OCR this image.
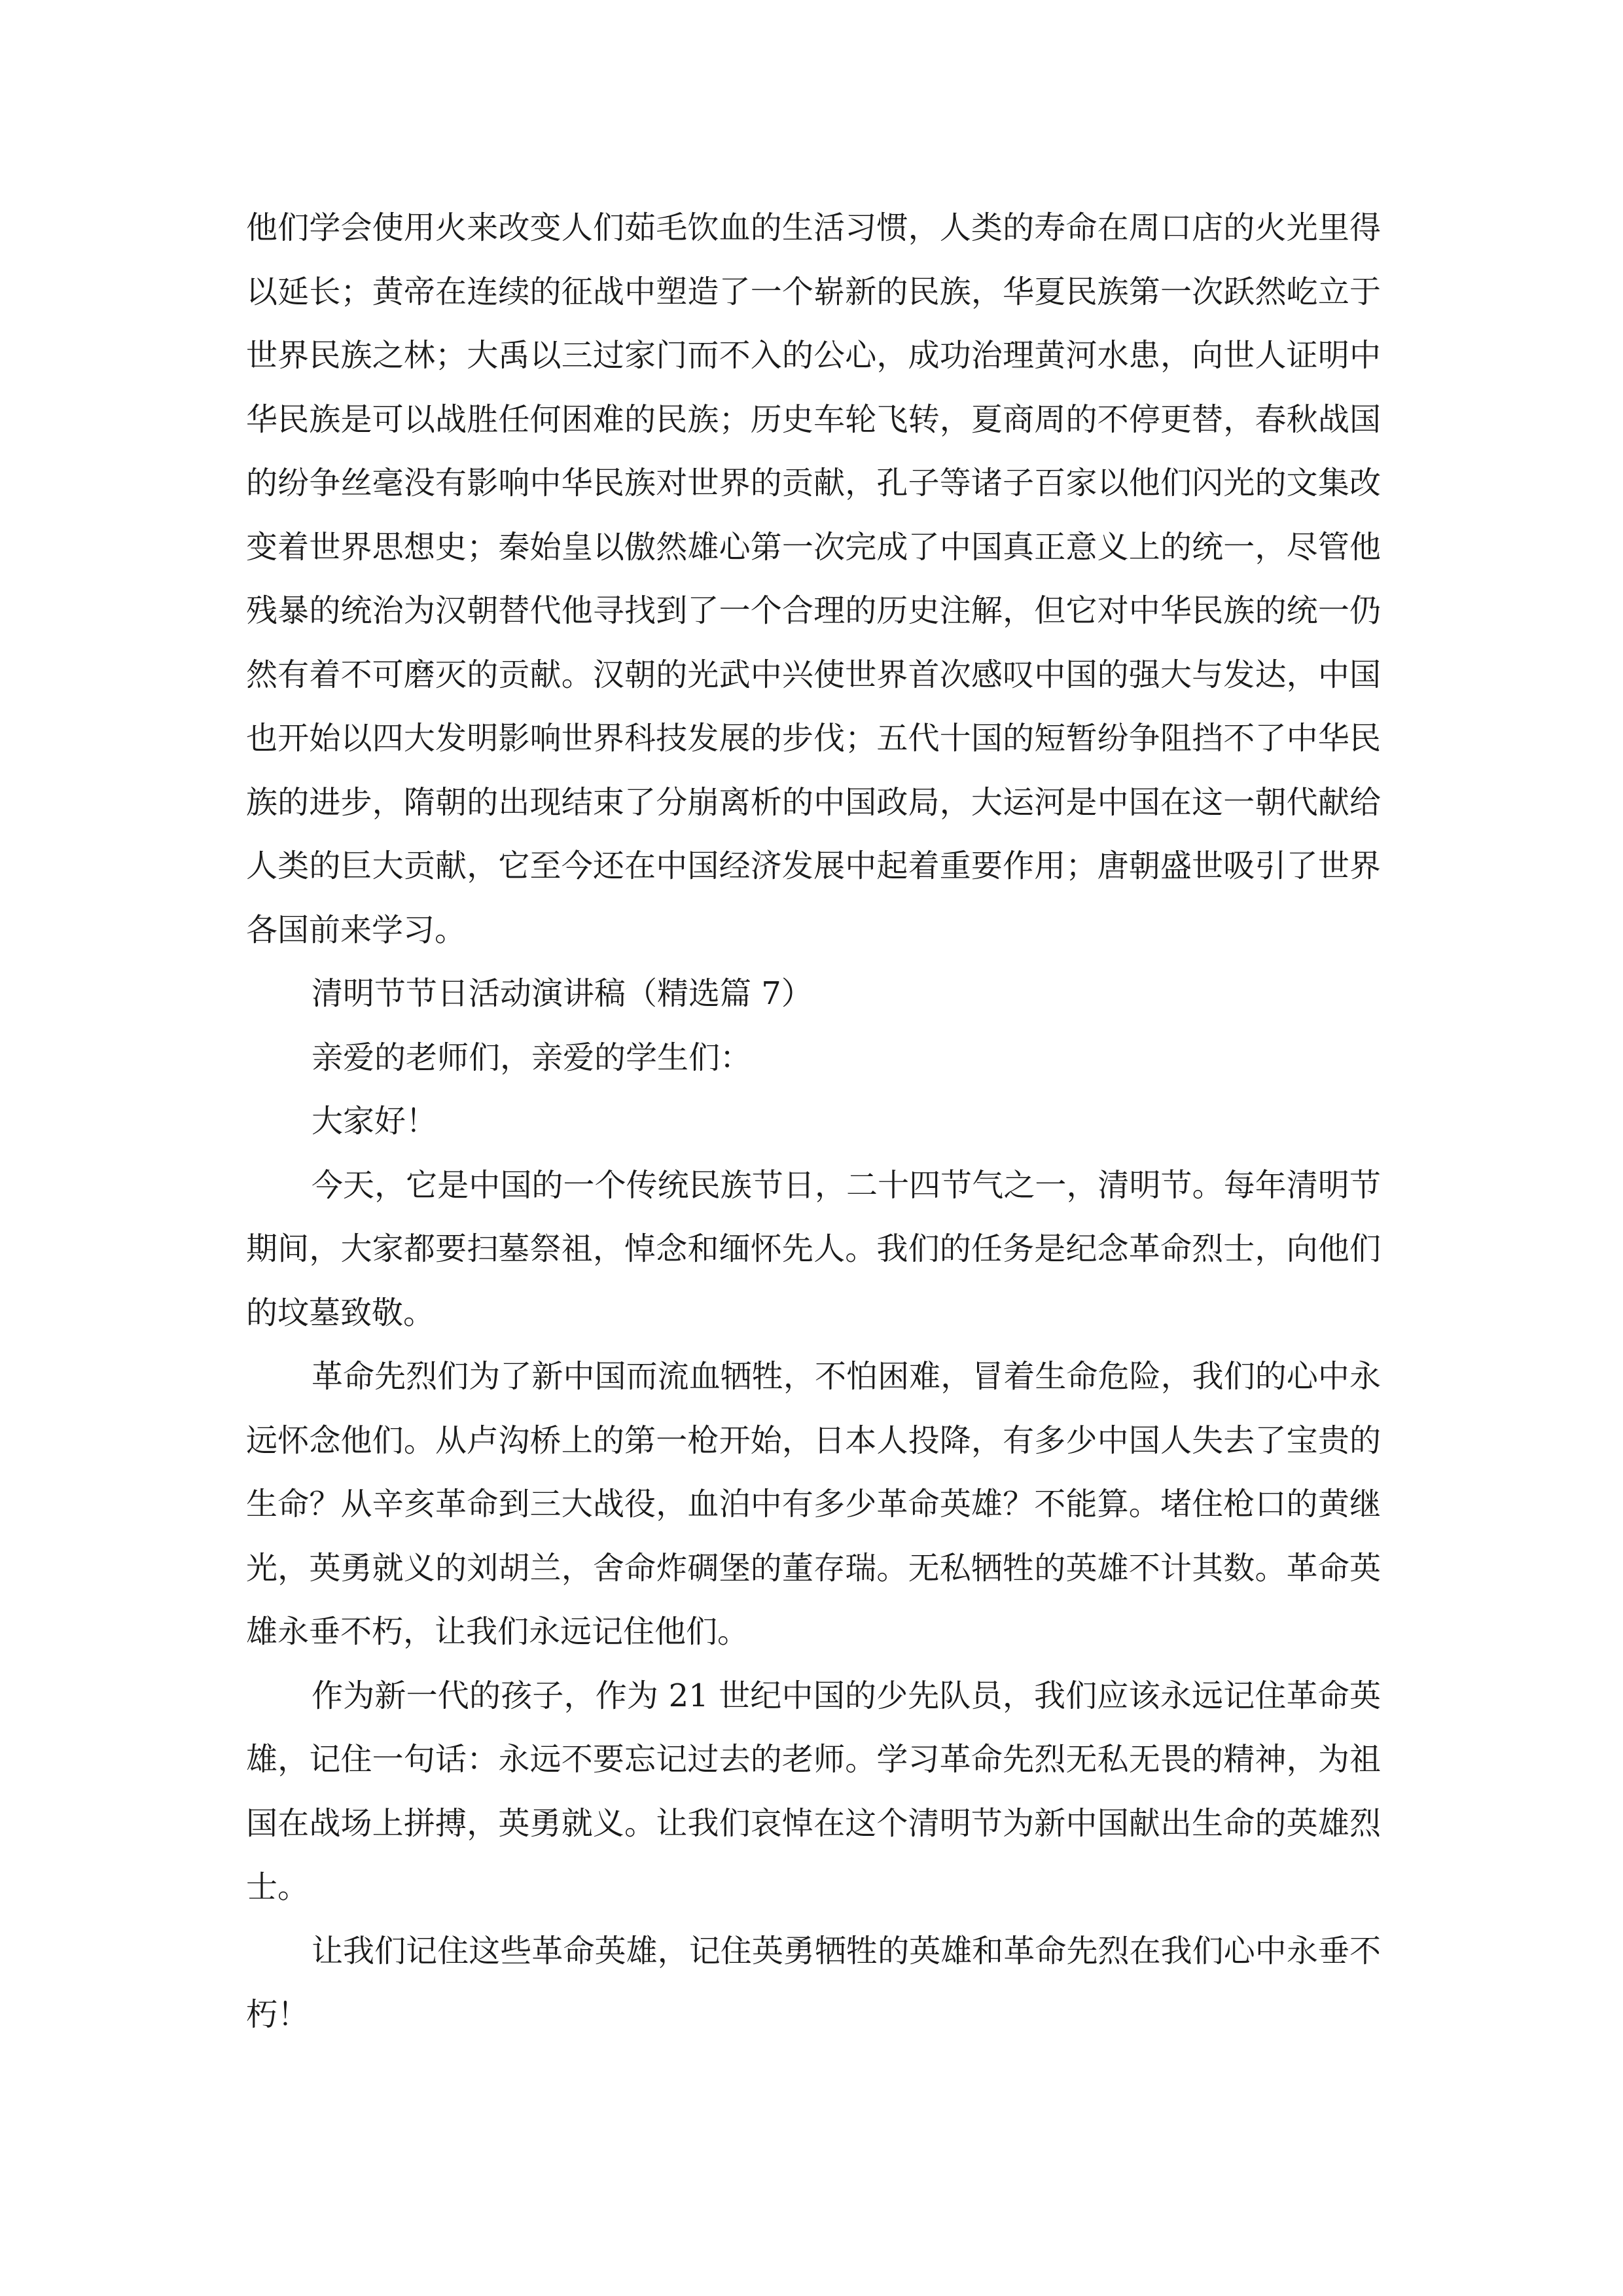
他们学会使用火来改变人们茹毛饮血的生活习惯，人类的寿命在周口店的火光里得以延长；黄帝在连续的征战中塑造了一个崭新的民族，华夏民族第一次跃然屹立于世界民族之林；大禹以三过家门而不入的公心，成功治理黄河水患，向世人证明中华民族是可以战胜任何困难的民族；历史车轮飞转，夏商周的不停更替，春秋战国的纷争丝毫没有影响中华民族对世界的贡献，孔子等诸子百家以他们闪光的文集改变着世界思想史；秦始皇以傲然雄心第一次完成了中国真正意义上的统一，尽管他残暴的统治为汉朝替代他寻找到了一个合理的历史注解，但它对中华民族的统一仍然有着不可磨灭的贡献。汉朝的光武中兴使世界首次感叹中国的强大与发达，中国也开始以四大发明影响世界科技发展的步伐；五代十国的短暂纷争阻挡不了中华民族的进步，隋朝的出现结束了分崩离析的中国政局，大运河是中国在这一朝代献给人类的巨大贡献，它至今还在中国经济发展中起着重要作用；唐朝盛世吸引了世界各国前来学习。

清明节节日活动演讲稿（精选篇 7）

亲爱的老师们，亲爱的学生们：

大家好！

今天，它是中国的一个传统民族节日，二十四节气之一，清明节。每年清明节期间，大家都要扫墓祭祖，悼念和缅怀先人。我们的任务是纪念革命烈士，向他们的坟墓致敬。

革命先烈们为了新中国而流血牺牲，不怕困难，冒着生命危险，我们的心中永远怀念他们。从卢沟桥上的第一枪开始，日本人投降，有多少中国人失去了宝贵的生命？从辛亥革命到三大战役，血泊中有多少革命英雄？不能算。堵住枪口的黄继光，英勇就义的刘胡兰，舍命炸碉堡的董存瑞。无私牺牲的英雄不计其数。革命英雄永垂不朽，让我们永远记住他们。

作为新一代的孩子，作为 21 世纪中国的少先队员，我们应该永远记住革命英雄，记住一句话：永远不要忘记过去的老师。学习革命先烈无私无畏的精神，为祖国在战场上拼搏，英勇就义。让我们哀悼在这个清明节为新中国献出生命的英雄烈士。

让我们记住这些革命英雄，记住英勇牺牲的英雄和革命先烈在我们心中永垂不朽！
